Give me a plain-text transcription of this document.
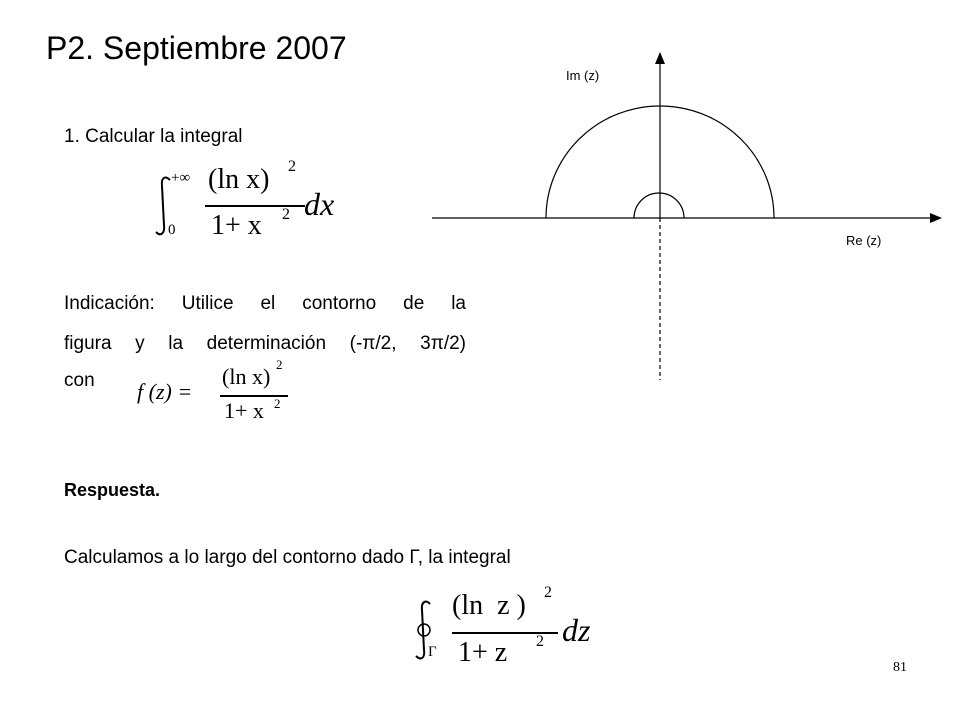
P2. Septiembre 2007
1. Calcular la integral
+∞
0
(ln x) 2
1+ x 2 dx
Indicación: Utilice el contorno de la
figura y la determinación (-π/2, 3π/2)
con f (z) =
(ln x) 2
1+ x 2
Respuesta.
Calculamos a lo largo del contorno dado Γ, la integral
Γ
(ln  z ) 2
1+ z 2 dz
Im (z)
Re (z)
81
